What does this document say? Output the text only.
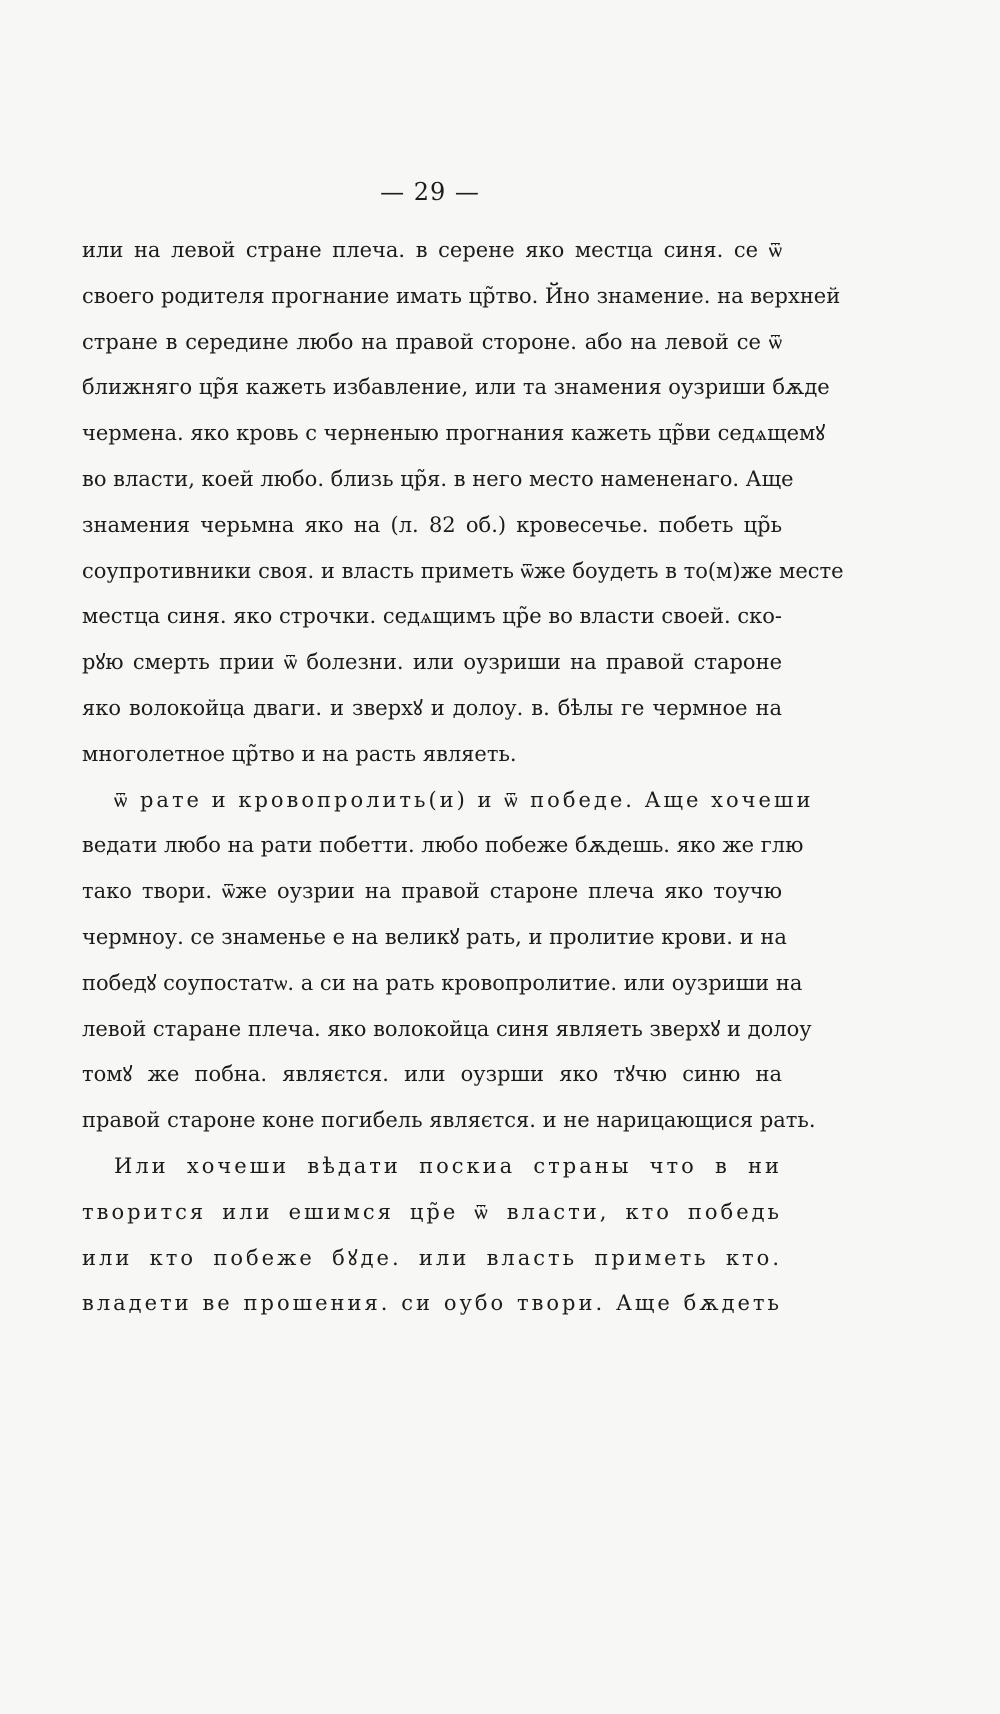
— 29 —
или на левой стране плеча. в серене яко местца синя. се ѿ
своего родителя прогнание имать цр̃тво. Йно знамение. на верхней
стране в середине любо на правой стороне. або на левой се ѿ
ближняго цр̃я кажеть избавление, или та знамения оузриши бѫде
чермена. яко кровь с черненыю прогнания кажеть цр̃ви седѧщемꙋ
во власти, коей любо. близь цр̃я. в него место намененаго. Аще
знамения черьмна яко на (л. 82 об.) кровесечье. побеть цр̃ь
соупротивники своя. и власть приметь ѿже боудеть в то(м)же месте
местца синя. яко строчки. седѧщимъ цр̃е во власти своей. ско-
рꙋю смерть прии ѿ болезни. или оузриши на правой старонe
яко волокойца дваги. и зверхꙋ и долоу. в. бѣлы ге чермное на
многолетное цр̃тво и на расть являеть.
ѿ рате и кровопролить(и) и ѿ победе. Аще хочеши
ведати любо на рати побетти. любо побеже бѫдешь. яко же глю
тако твори. ѿже оузрии на правой старонe плеча яко тоучю
чермноу. се знаменье е на великꙋ рать, и пролитие крови. и на
победꙋ соупостатѡ. а си на рать кровопролитие. или оузриши на
левой старане плеча. яко волокойца синя являеть зверхꙋ и долоу
томꙋ же побна. являєтся. или оузрши яко тꙋчю синю на
правой старонe коне погибель являєтся. и не нарицающися рать.
Или хочеши вѣдати поскиа страны что в ни
творится или ешимся цр̃е ѿ власти, кто победь
или кто побеже бꙋде. или власть приметь кто.
владети ве прошения. си оубо твори. Аще бѫдеть
